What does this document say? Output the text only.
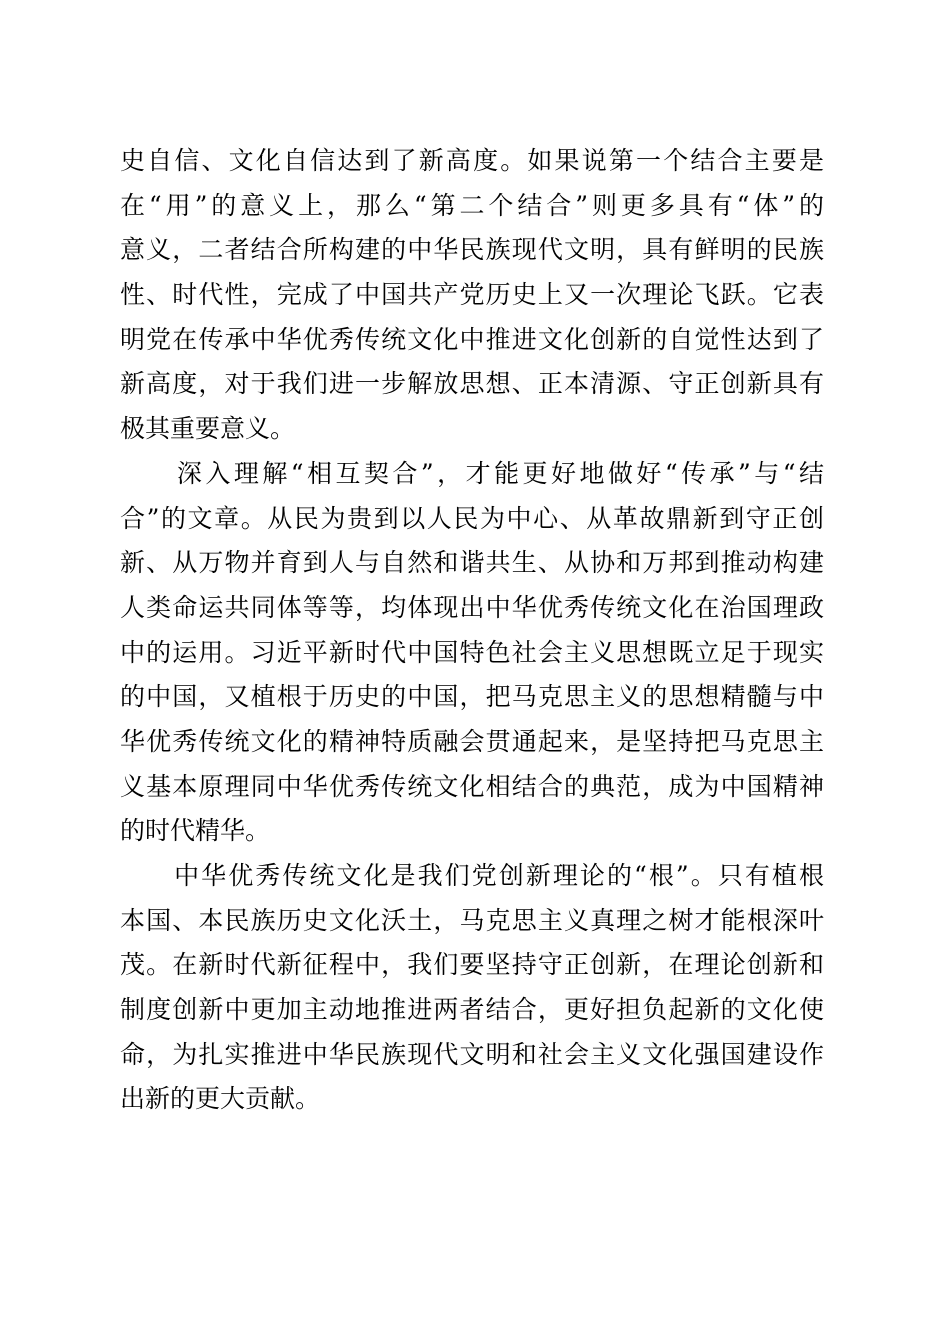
史自信、文化自信达到了新高度。如果说第一个结合主要是
在“用”的意义上，那么“第二个结合”则更多具有“体”的
意义，二者结合所构建的中华民族现代文明，具有鲜明的民族
性、时代性，完成了中国共产党历史上又一次理论飞跃。它表
明党在传承中华优秀传统文化中推进文化创新的自觉性达到了
新高度，对于我们进一步解放思想、正本清源、守正创新具有
极其重要意义。
　　深入理解“相互契合”，才能更好地做好“传承”与“结
合”的文章。从民为贵到以人民为中心、从革故鼎新到守正创
新、从万物并育到人与自然和谐共生、从协和万邦到推动构建
人类命运共同体等等，均体现出中华优秀传统文化在治国理政
中的运用。习近平新时代中国特色社会主义思想既立足于现实
的中国，又植根于历史的中国，把马克思主义的思想精髓与中
华优秀传统文化的精神特质融会贯通起来，是坚持把马克思主
义基本原理同中华优秀传统文化相结合的典范，成为中国精神
的时代精华。
　　中华优秀传统文化是我们党创新理论的“根”。只有植根
本国、本民族历史文化沃土，马克思主义真理之树才能根深叶
茂。在新时代新征程中，我们要坚持守正创新，在理论创新和
制度创新中更加主动地推进两者结合，更好担负起新的文化使
命，为扎实推进中华民族现代文明和社会主义文化强国建设作
出新的更大贡献。
